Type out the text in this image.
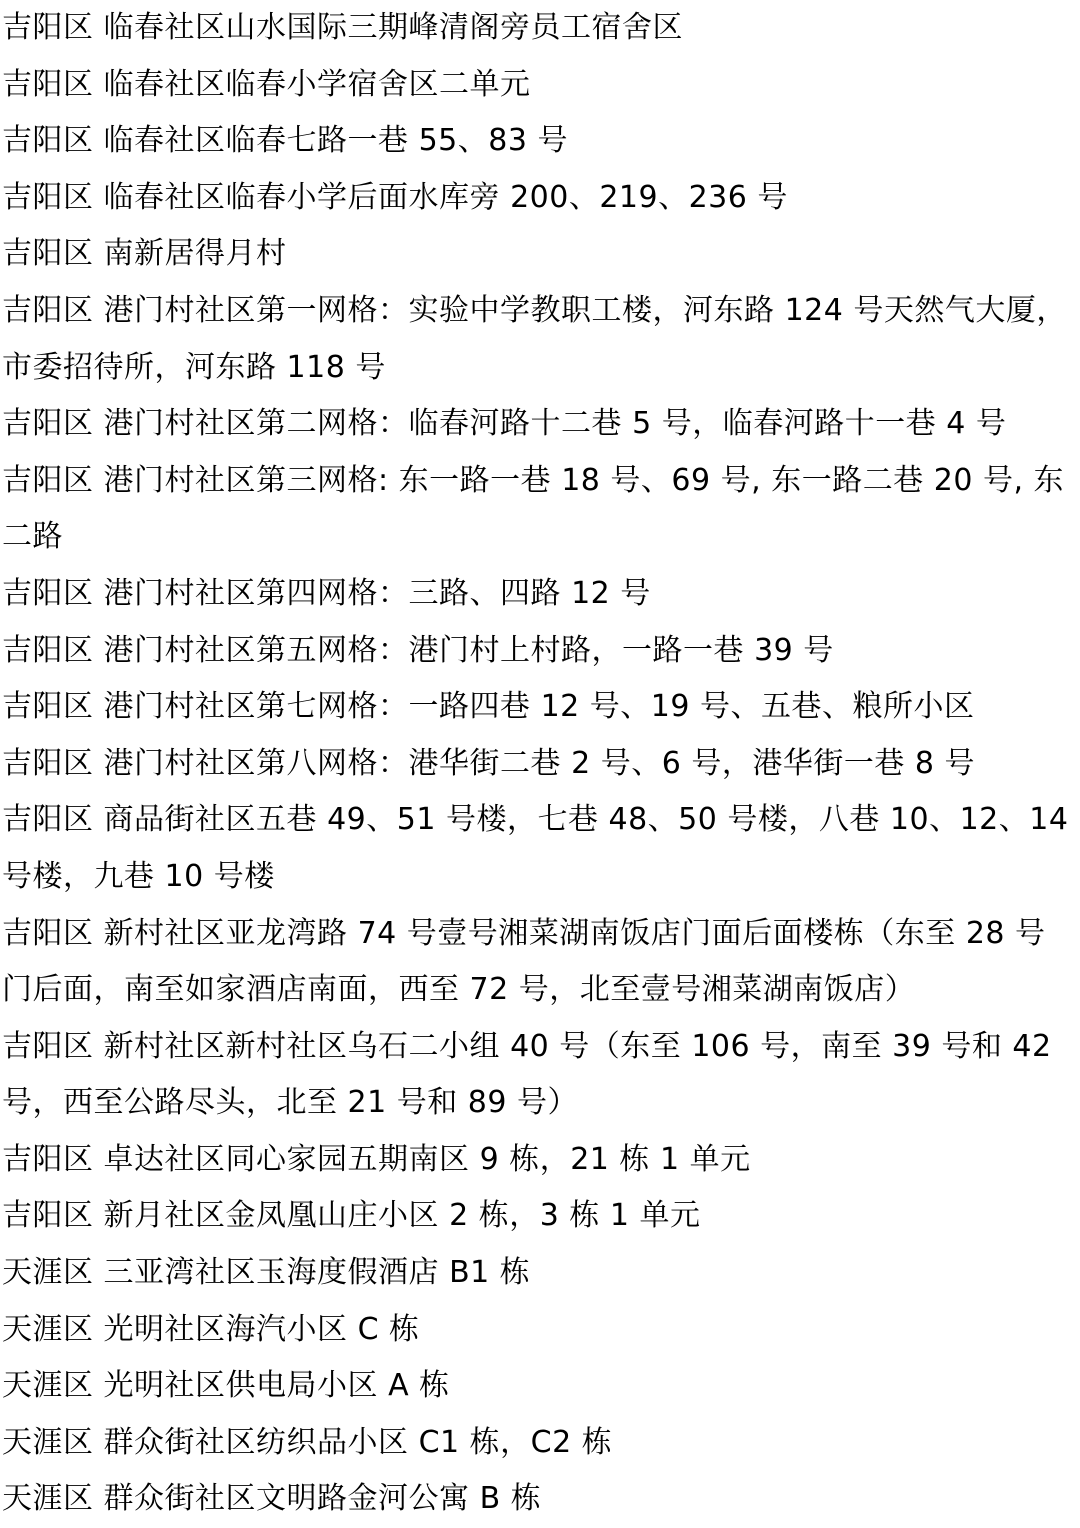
吉阳区 临春社区山水国际三期峰清阁旁员工宿舍区

吉阳区 临春社区临春小学宿舍区二单元

吉阳区 临春社区临春七路一巷 55、83 号

吉阳区 临春社区临春小学后面水库旁 200、219、236 号

吉阳区 南新居得月村

吉阳区 港门村社区第一网格：实验中学教职工楼，河东路 124 号天然气大厦，市委招待所，河东路 118 号

吉阳区 港门村社区第二网格：临春河路十二巷 5 号，临春河路十一巷 4 号

吉阳区 港门村社区第三网格: 东一路一巷 18 号、69 号, 东一路二巷 20 号, 东二路

吉阳区 港门村社区第四网格：三路、四路 12 号

吉阳区 港门村社区第五网格：港门村上村路，一路一巷 39 号

吉阳区 港门村社区第七网格：一路四巷 12 号、19 号、五巷、粮所小区

吉阳区 港门村社区第八网格：港华街二巷 2 号、6 号，港华街一巷 8 号

吉阳区 商品街社区五巷 49、51 号楼，七巷 48、50 号楼，八巷 10、12、14 号楼，九巷 10 号楼

吉阳区 新村社区亚龙湾路 74 号壹号湘菜湖南饭店门面后面楼栋（东至 28 号门后面，南至如家酒店南面，西至 72 号，北至壹号湘菜湖南饭店）

吉阳区 新村社区新村社区乌石二小组 40 号（东至 106 号，南至 39 号和 42 号，西至公路尽头，北至 21 号和 89 号）

吉阳区 卓达社区同心家园五期南区 9 栋，21 栋 1 单元

吉阳区 新月社区金凤凰山庄小区 2 栋，3 栋 1 单元

天涯区 三亚湾社区玉海度假酒店 B1 栋

天涯区 光明社区海汽小区 C 栋

天涯区 光明社区供电局小区 A 栋

天涯区 群众街社区纺织品小区 C1 栋，C2 栋

天涯区 群众街社区文明路金河公寓 B 栋
